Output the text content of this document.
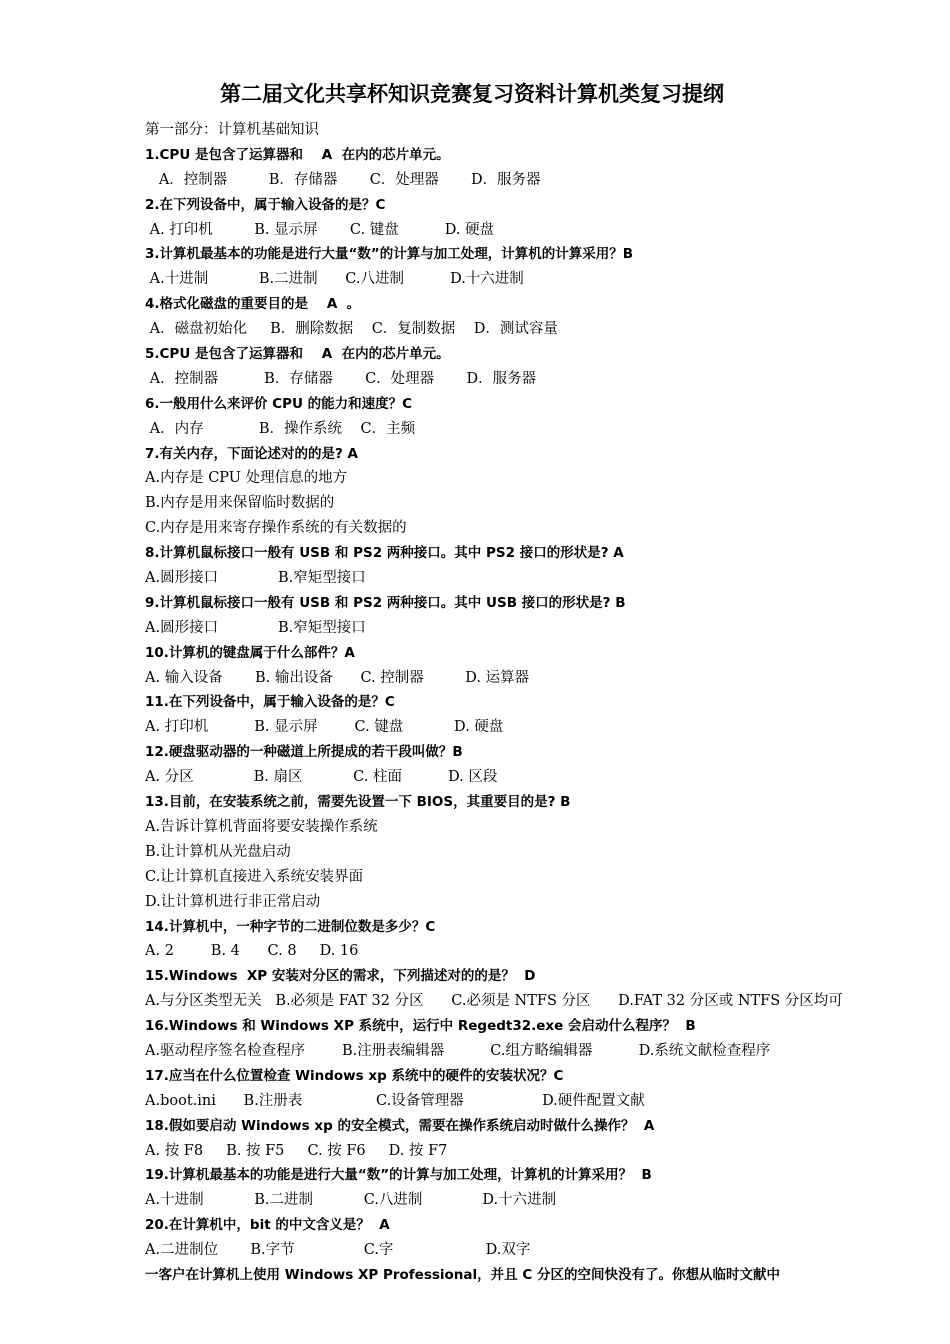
第二届文化共享杯知识竞赛复习资料计算机类复习提纲
第一部分：计算机基础知识
1.CPU 是包含了运算器和    A  在内的芯片单元。
A．控制器         B．存储器       C．处理器       D．服务器
2.在下列设备中，属于输入设备的是？C
A. 打印机         B. 显示屏       C. 键盘          D. 硬盘
3.计算机最基本的功能是进行大量“数”的计算与加工处理，计算机的计算采用？B
A.十进制           B.二进制      C.八进制          D.十六进制
4.格式化磁盘的重要目的是    A  。
A．磁盘初始化     B．删除数据    C．复制数据    D．测试容量
5.CPU 是包含了运算器和    A  在内的芯片单元。
A．控制器          B．存储器       C．处理器       D．服务器
6.一般用什么来评价 CPU 的能力和速度？C
A．内存            B．操作系统    C．主频
7.有关内存，下面论述对的的是? A
A.内存是 CPU 处理信息的地方
B.内存是用来保留临时数据的
C.内存是用来寄存操作系统的有关数据的
8.计算机鼠标接口一般有 USB 和 PS2 两种接口。其中 PS2 接口的形状是? A
A.圆形接口             B.窄矩型接口
9.计算机鼠标接口一般有 USB 和 PS2 两种接口。其中 USB 接口的形状是? B
A.圆形接口             B.窄矩型接口
10.计算机的键盘属于什么部件？A
A. 输入设备       B. 输出设备      C. 控制器         D. 运算器
11.在下列设备中，属于输入设备的是？C
A. 打印机          B. 显示屏        C. 键盘           D. 硬盘
12.硬盘驱动器的一种磁道上所提成的若干段叫做？B
A. 分区             B. 扇区           C. 柱面          D. 区段
13.目前，在安装系统之前，需要先设置一下 BIOS，其重要目的是? B
A.告诉计算机背面将要安装操作系统
B.让计算机从光盘启动
C.让计算机直接进入系统安装界面
D.让计算机进行非正常启动
14.计算机中，一种字节的二进制位数是多少？C
A. 2        B. 4      C. 8     D. 16
15.Windows  XP 安装对分区的需求，下列描述对的的是？  D
A.与分区类型无关   B.必须是 FAT 32 分区      C.必须是 NTFS 分区      D.FAT 32 分区或 NTFS 分区均可
16.Windows 和 Windows XP 系统中，运行中 Regedt32.exe 会启动什么程序？  B
A.驱动程序签名检查程序        B.注册表编辑器          C.组方略编辑器          D.系统文献检查程序
17.应当在什么位置检查 Windows xp 系统中的硬件的安装状况？C
A.boot.ini      B.注册表                C.设备管理器                 D.硬件配置文献
18.假如要启动 Windows xp 的安全模式，需要在操作系统启动时做什么操作？  A
A. 按 F8     B. 按 F5     C. 按 F6     D. 按 F7
19.计算机最基本的功能是进行大量“数”的计算与加工处理，计算机的计算采用？  B
A.十进制           B.二进制           C.八进制             D.十六进制
20.在计算机中，bit 的中文含义是？  A
A.二进制位       B.字节               C.字                    D.双字
一客户在计算机上使用 Windows XP Professional，并且 C 分区的空间快没有了。你想从临时文献中
